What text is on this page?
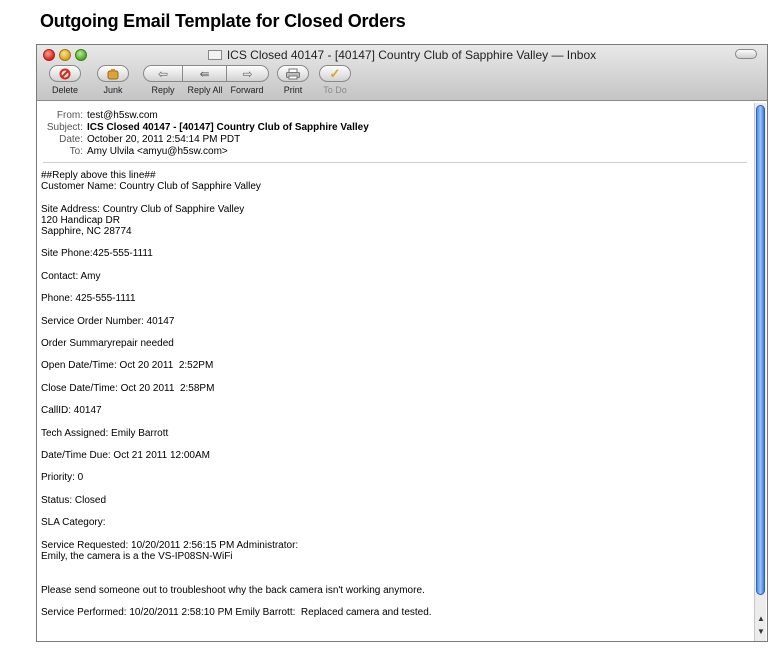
Outgoing Email Template for Closed Orders
ICS Closed 40147 - [40147] Country Club of Sapphire Valley — Inbox
Delete	Junk
⇦	⇚	⇨
Reply Reply All Forward Print
✓
To Do
From: test@h5sw.com
Subject: ICS Closed 40147 - [40147] Country Club of Sapphire Valley
Date: October 20, 2011 2:54:14 PM PDT
To: Amy Ulvila <amyu@h5sw.com>
##Reply above this line##
Customer Name: Country Club of Sapphire Valley

Site Address: Country Club of Sapphire Valley
120 Handicap DR
Sapphire, NC 28774

Site Phone:425-555-1111

Contact: Amy

Phone: 425-555-1111

Service Order Number: 40147

Order Summaryrepair needed

Open Date/Time: Oct 20 2011  2:52PM

Close Date/Time: Oct 20 2011  2:58PM

CallID: 40147

Tech Assigned: Emily Barrott

Date/Time Due: Oct 21 2011 12:00AM

Priority: 0

Status: Closed

SLA Category:

Service Requested: 10/20/2011 2:56:15 PM Administrator:
Emily, the camera is a the VS-IP08SN-WiFi

Please send someone out to troubleshoot why the back camera isn't working anymore.

Service Performed: 10/20/2011 2:58:10 PM Emily Barrott:  Replaced camera and tested.
▲
▼
